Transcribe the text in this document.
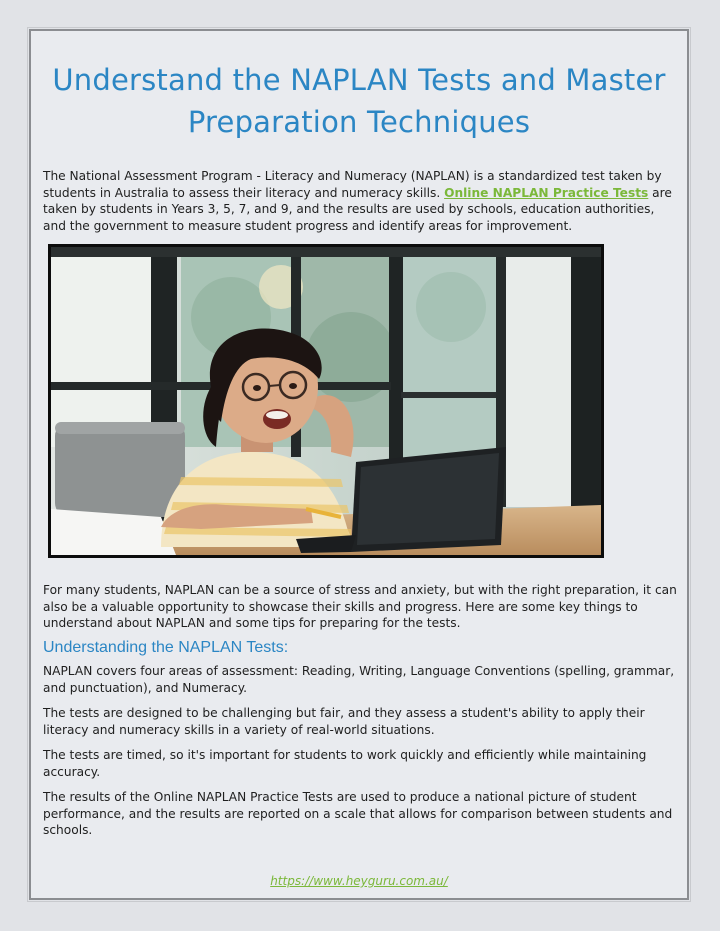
Understand the NAPLAN Tests and Master Preparation Techniques

The National Assessment Program - Literacy and Numeracy (NAPLAN) is a standardized test taken by students in Australia to assess their literacy and numeracy skills. Online NAPLAN Practice Tests are taken by students in Years 3, 5, 7, and 9, and the results are used by schools, education authorities, and the government to measure student progress and identify areas for improvement.

For many students, NAPLAN can be a source of stress and anxiety, but with the right preparation, it can also be a valuable opportunity to showcase their skills and progress. Here are some key things to understand about NAPLAN and some tips for preparing for the tests.

Understanding the NAPLAN Tests:

NAPLAN covers four areas of assessment: Reading, Writing, Language Conventions (spelling, grammar, and punctuation), and Numeracy.

The tests are designed to be challenging but fair, and they assess a student's ability to apply their literacy and numeracy skills in a variety of real-world situations.

The tests are timed, so it's important for students to work quickly and efficiently while maintaining accuracy.

The results of the Online NAPLAN Practice Tests are used to produce a national picture of student performance, and the results are reported on a scale that allows for comparison between students and schools.

https://www.heyguru.com.au/
